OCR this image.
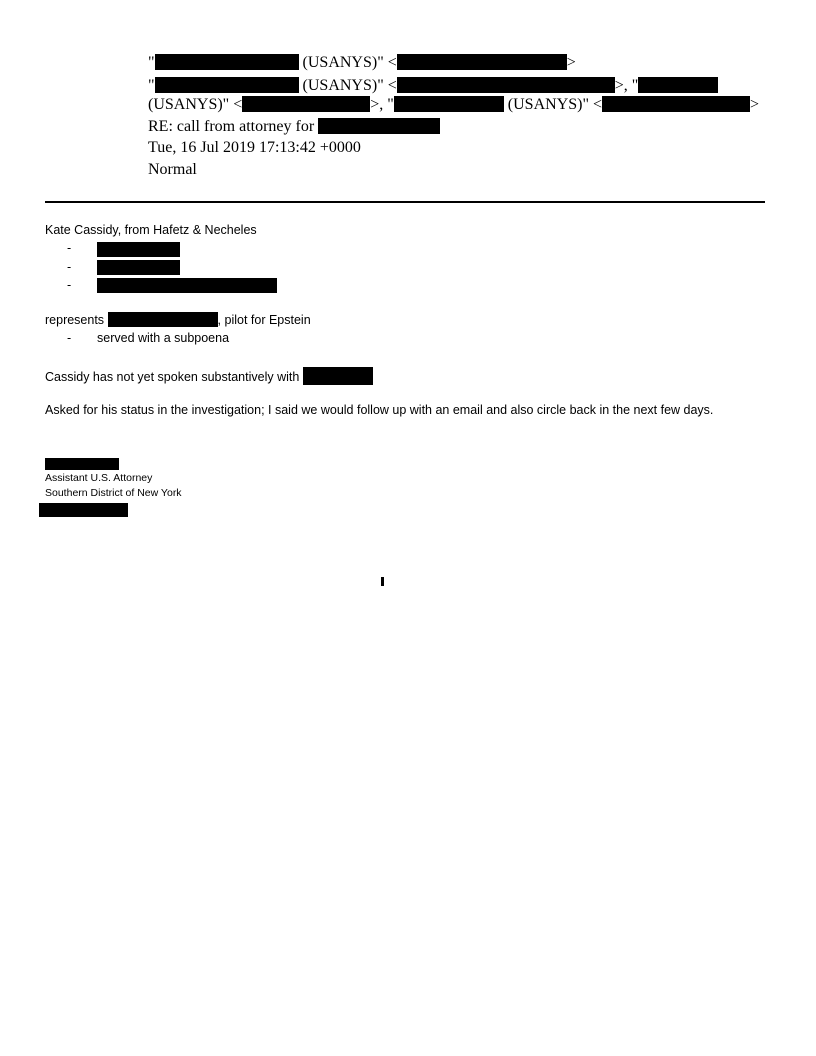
"	(USANYS)" <	>
"	(USANYS)" <	>, "
(USANYS)" <	>, "	(USANYS)" <	>
RE: call from attorney for
Tue, 16 Jul 2019 17:13:42 +0000
Normal
Kate Cassidy, from Hafetz & Necheles
-
-
-
represents	, pilot for Epstein
- served with a subpoena
Cassidy has not yet spoken substantively with
Asked for his status in the investigation; I said we would follow up with an email and also circle back in the next few days.
Assistant U.S. Attorney
Southern District of New York
